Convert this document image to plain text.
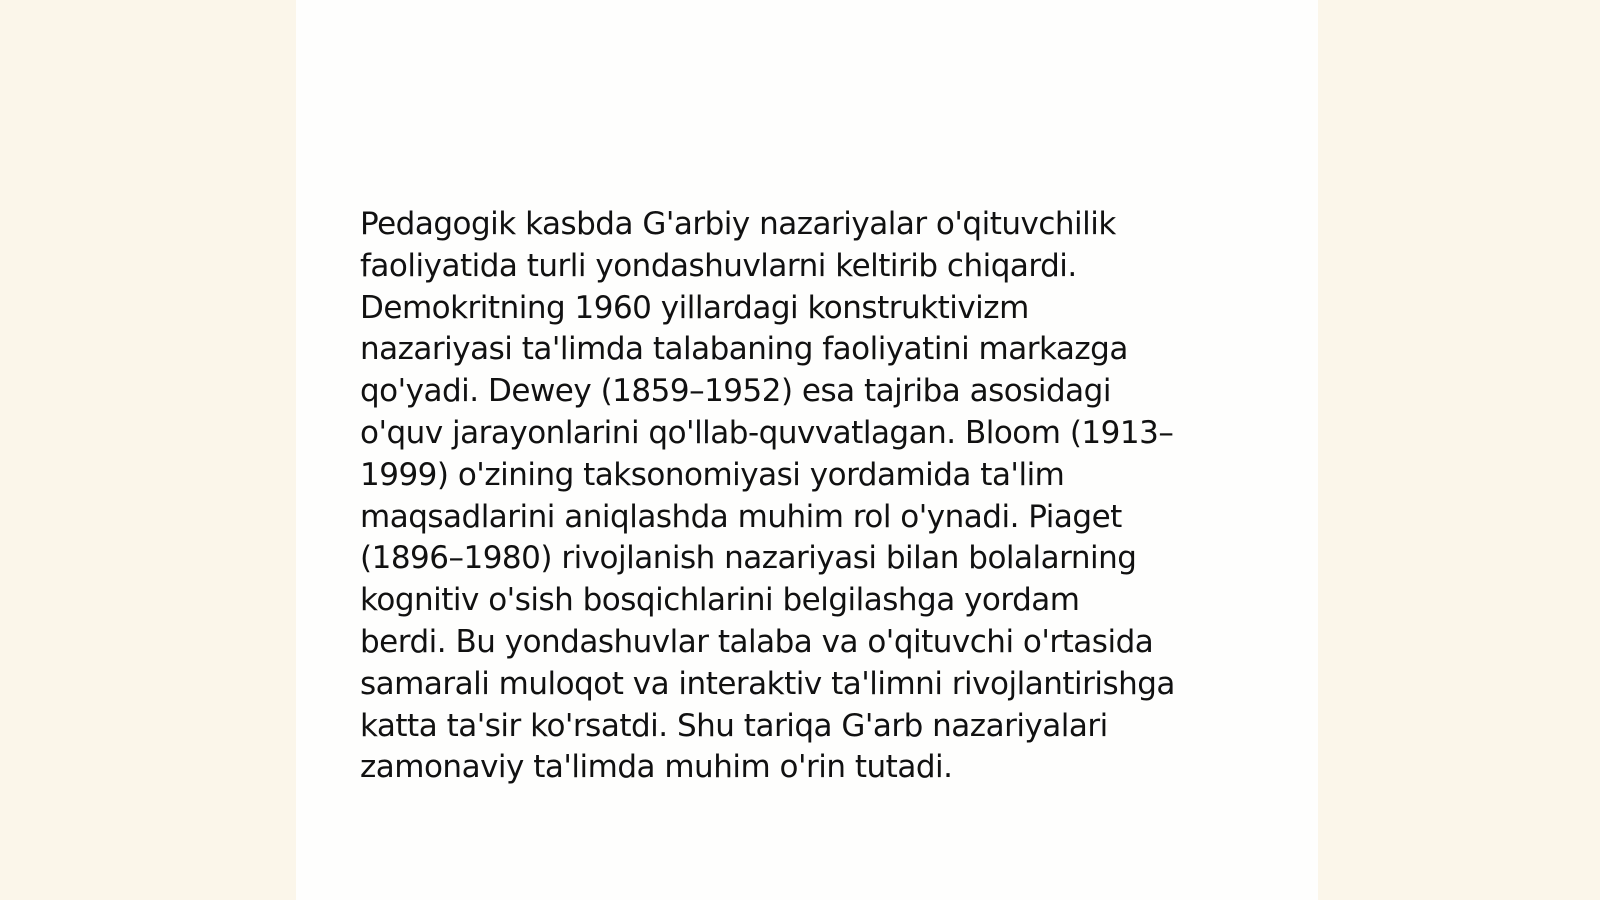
Pedagogik kasbda G'arbiy nazariyalar o'qituvchilik
faoliyatida turli yondashuvlarni keltirib chiqardi.
Demokritning 1960 yillardagi konstruktivizm
nazariyasi ta'limda talabaning faoliyatini markazga
qo'yadi. Dewey (1859–1952) esa tajriba asosidagi
o'quv jarayonlarini qo'llab-quvvatlagan. Bloom (1913–
1999) o'zining taksonomiyasi yordamida ta'lim
maqsadlarini aniqlashda muhim rol o'ynadi. Piaget
(1896–1980) rivojlanish nazariyasi bilan bolalarning
kognitiv o'sish bosqichlarini belgilashga yordam
berdi. Bu yondashuvlar talaba va o'qituvchi o'rtasida
samarali muloqot va interaktiv ta'limni rivojlantirishga
katta ta'sir ko'rsatdi. Shu tariqa G'arb nazariyalari
zamonaviy ta'limda muhim o'rin tutadi.
